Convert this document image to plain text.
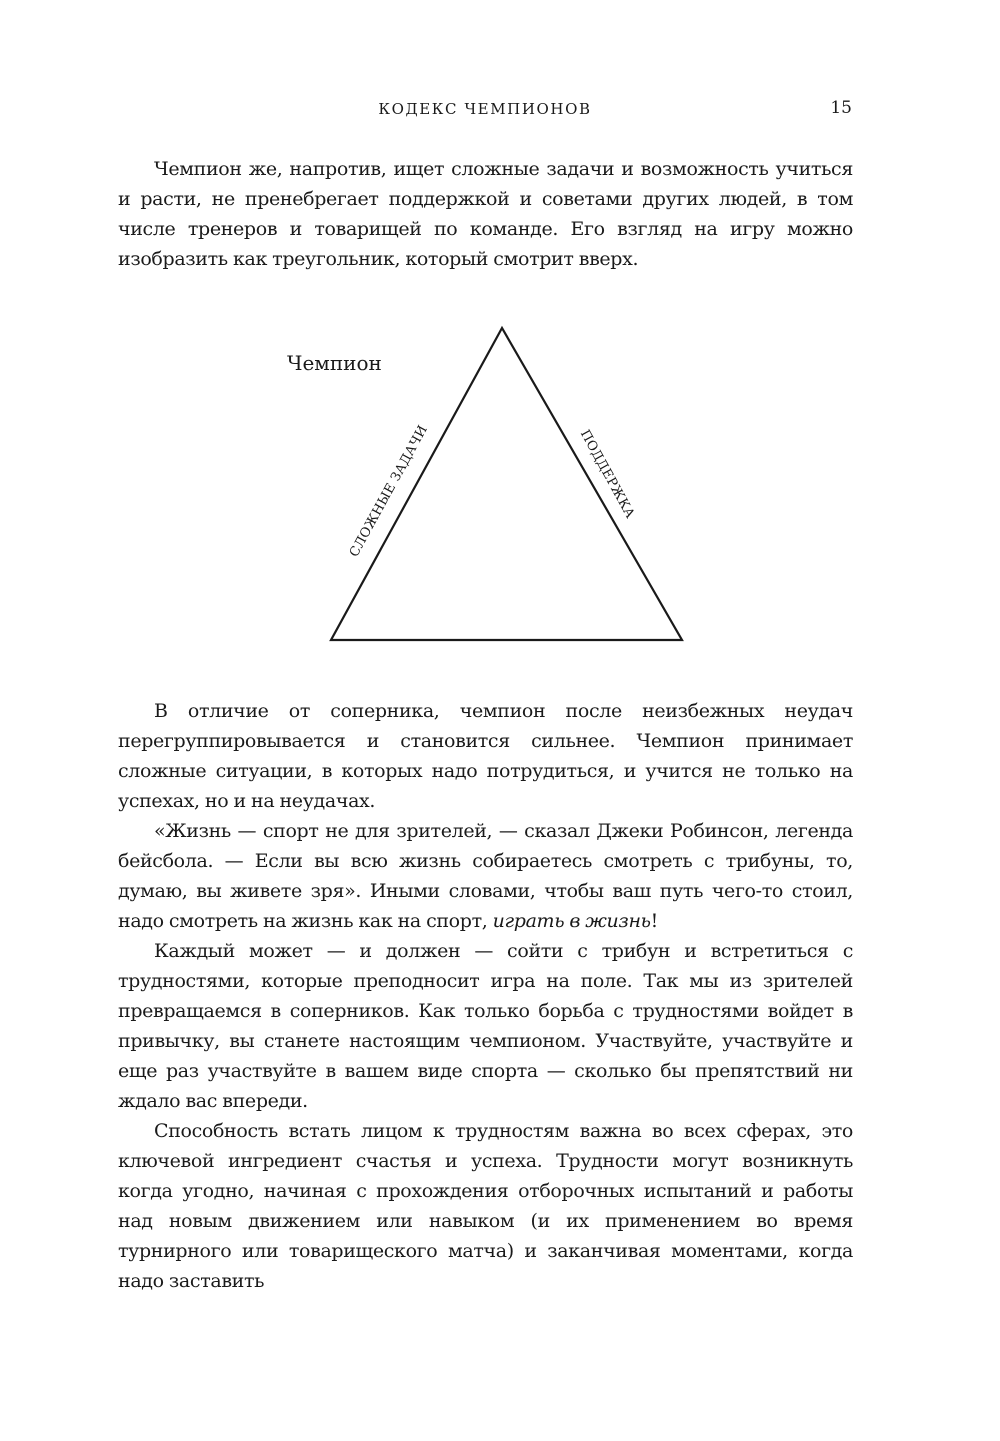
КОДЕКС ЧЕМПИОНОВ	15

Чемпион же, напротив, ищет сложные задачи и возможность учиться и расти, не пренебрегает поддержкой и советами других людей, в том числе тренеров и товарищей по команде. Его взгляд на игру можно изобразить как треугольник, который смотрит вверх.

Чемпион
СЛОЖНЫЕ ЗАДАЧИ	ПОДДЕРЖКА

В отличие от соперника, чемпион после неизбежных неудач перегруппировывается и становится сильнее. Чемпион принимает сложные ситуации, в которых надо потрудиться, и учится не только на успехах, но и на неудачах.

«Жизнь — спорт не для зрителей, — сказал Джеки Робинсон, легенда бейсбола. — Если вы всю жизнь собираетесь смотреть с трибуны, то, думаю, вы живете зря». Иными словами, чтобы ваш путь чего-то стоил, надо смотреть на жизнь как на спорт, играть в жизнь!

Каждый может — и должен — сойти с трибун и встретиться с трудностями, которые преподносит игра на поле. Так мы из зрителей превращаемся в соперников. Как только борьба с трудностями войдет в привычку, вы станете настоящим чемпионом. Участвуйте, участвуйте и еще раз участвуйте в вашем виде спорта — сколько бы препятствий ни ждало вас впереди.

Способность встать лицом к трудностям важна во всех сферах, это ключевой ингредиент счастья и успеха. Трудности могут возникнуть когда угодно, начиная с прохождения отборочных испытаний и работы над новым движением или навыком (и их применением во время турнирного или товарищеского матча) и заканчивая моментами, когда надо заставить
